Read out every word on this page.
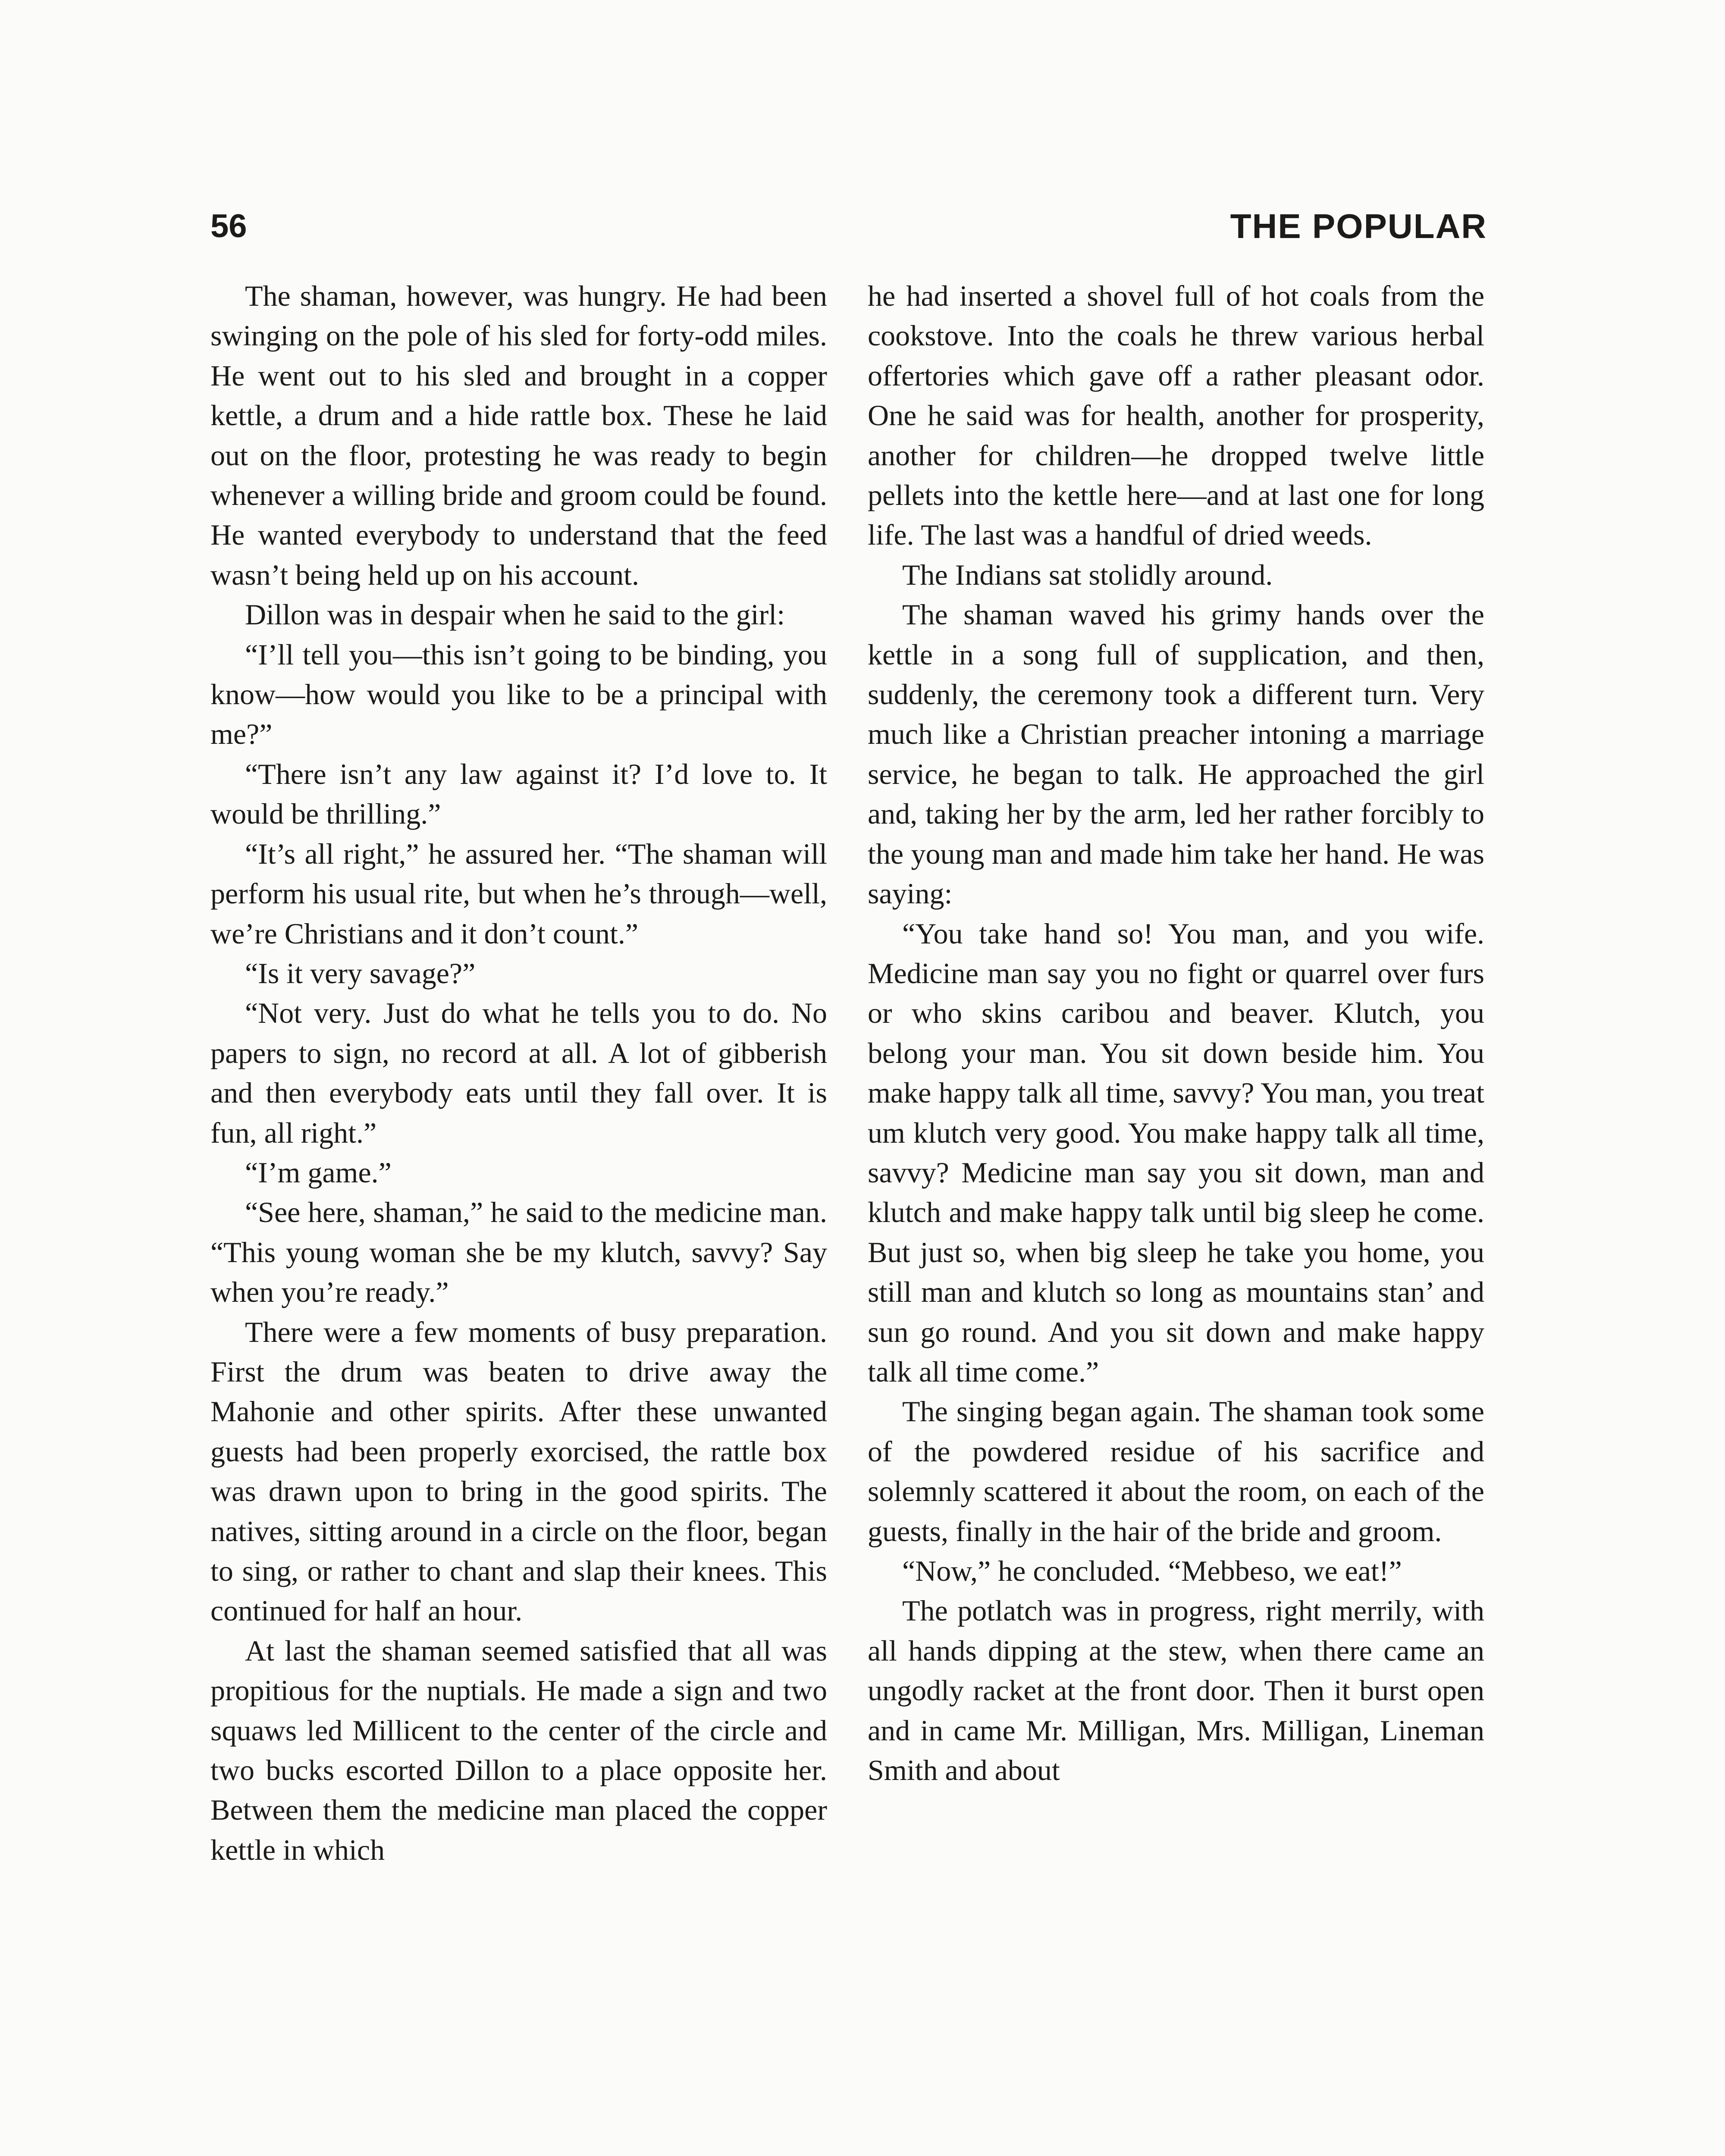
56	THE POPULAR

The shaman, however, was hungry. He had been swinging on the pole of his sled for forty-odd miles. He went out to his sled and brought in a copper kettle, a drum and a hide rattle box. These he laid out on the floor, protesting he was ready to begin whenever a willing bride and groom could be found. He wanted everybody to understand that the feed wasn’t being held up on his account.

Dillon was in despair when he said to the girl:

“I’ll tell you—this isn’t going to be binding, you know—how would you like to be a principal with me?”

“There isn’t any law against it? I’d love to. It would be thrilling.”

“It’s all right,” he assured her. “The shaman will perform his usual rite, but when he’s through—well, we’re Christians and it don’t count.”

“Is it very savage?”

“Not very. Just do what he tells you to do. No papers to sign, no record at all. A lot of gibberish and then everybody eats until they fall over. It is fun, all right.”

“I’m game.”

“See here, shaman,” he said to the medicine man. “This young woman she be my klutch, savvy? Say when you’re ready.”

There were a few moments of busy preparation. First the drum was beaten to drive away the Mahonie and other spirits. After these unwanted guests had been properly exorcised, the rattle box was drawn upon to bring in the good spirits. The natives, sitting around in a circle on the floor, began to sing, or rather to chant and slap their knees. This continued for half an hour.

At last the shaman seemed satisfied that all was propitious for the nuptials. He made a sign and two squaws led Millicent to the center of the circle and two bucks escorted Dillon to a place opposite her. Between them the medicine man placed the copper kettle in which

he had inserted a shovel full of hot coals from the cookstove. Into the coals he threw various herbal offertories which gave off a rather pleasant odor. One he said was for health, another for prosperity, another for children—he dropped twelve little pellets into the kettle here—and at last one for long life. The last was a handful of dried weeds.

The Indians sat stolidly around.

The shaman waved his grimy hands over the kettle in a song full of supplication, and then, suddenly, the ceremony took a different turn. Very much like a Christian preacher intoning a marriage service, he began to talk. He approached the girl and, taking her by the arm, led her rather forcibly to the young man and made him take her hand. He was saying:

“You take hand so! You man, and you wife. Medicine man say you no fight or quarrel over furs or who skins caribou and beaver. Klutch, you belong your man. You sit down beside him. You make happy talk all time, savvy? You man, you treat um klutch very good. You make happy talk all time, savvy? Medicine man say you sit down, man and klutch and make happy talk until big sleep he come. But just so, when big sleep he take you home, you still man and klutch so long as mountains stan’ and sun go round. And you sit down and make happy talk all time come.”

The singing began again. The shaman took some of the powdered residue of his sacrifice and solemnly scattered it about the room, on each of the guests, finally in the hair of the bride and groom.

“Now,” he concluded. “Mebbeso, we eat!”

The potlatch was in progress, right merrily, with all hands dipping at the stew, when there came an ungodly racket at the front door. Then it burst open and in came Mr. Milligan, Mrs. Milligan, Lineman Smith and about
